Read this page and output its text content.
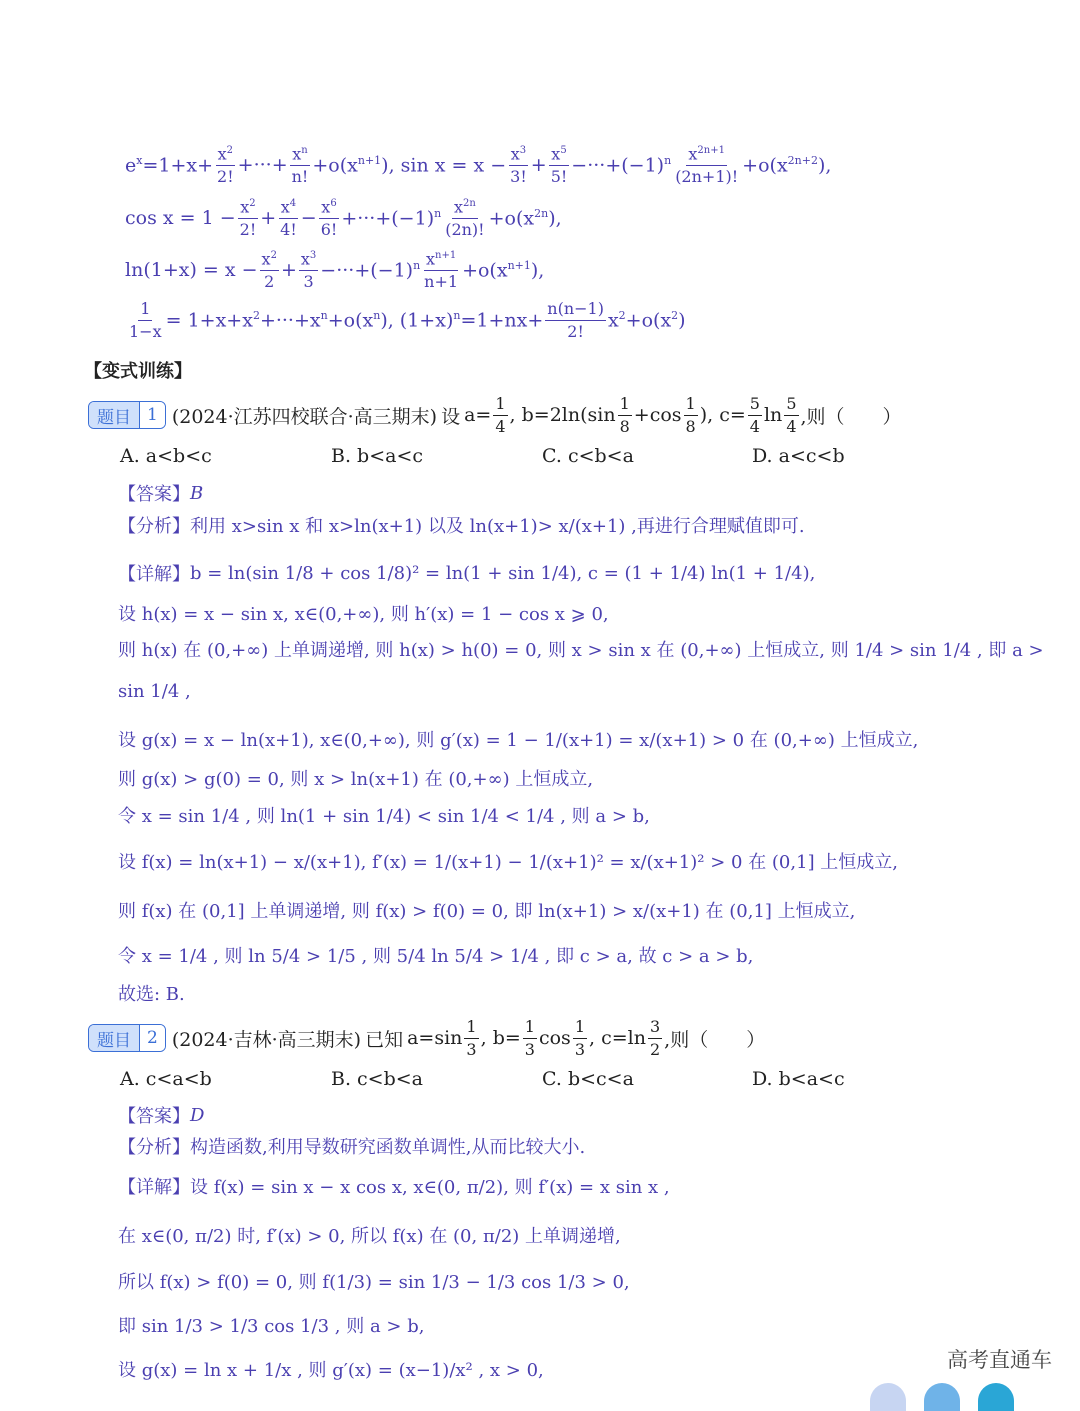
$e^x=1+x+ \frac{x^2}{2!}$ +···+ $\frac{x^n}{n!} +o(x^{n+1})$, $\sin x = x - \frac{x^3}{3!} + \frac{x^5}{5!} -\cdot\cdot\cdot+(-1)^n \frac{x^{2n+1}}{(2n+1)!} +o(x^{2n+2})$,
$\cos x = 1 - \frac{x^2}{2!} + \frac{x^4}{4!} - \frac{x^6}{6!} +\cdot\cdot\cdot+(-1)^n \frac{x^{2n}}{(2n)!} +o(x^{2n})$,
$\ln(1+x) = x - \frac{x^2}{2} + \frac{x^3}{3} -\cdot\cdot\cdot+(-1)^n \frac{x^{n+1}}{n+1} +o(x^{n+1})$,
$\frac{1}{1-x} = 1+x+x^2+\cdot\cdot\cdot+x^n+o(x^n)$, $(1+x)^n=1+nx+ \frac{n(n-1)}{2!} x^2+o(x^2)$
【变式训练】
题目 1 (2024·江苏四校联合·高三期末) 设 $a= \frac{1}{4}$ , $b=2\ln(\sin \frac{1}{8} +\cos \frac{1}{8}$ ), $c= \frac{5}{4}$ $\ln \frac{5}{4}$ ,则（　　）
A. a<b<c	B. b<a<c	C. c<b<a	D. a<c<b
【答案】 B
【分析】 利用 x>sin x 和 x>ln(x+1) 以及 ln(x+1)> x/(x+1) ,再进行合理赋值即可.
【详解】 b = ln(sin 1/8 + cos 1/8)² = ln(1 + sin 1/4), c = (1 + 1/4) ln(1 + 1/4),
设 h(x) = x − sin x, x∈(0,+∞), 则 h′(x) = 1 − cos x ⩾ 0,
则 h(x) 在 (0,+∞) 上单调递增, 则 h(x) > h(0) = 0, 则 x > sin x 在 (0,+∞) 上恒成立, 则 1/4 > sin 1/4 , 即 a >
sin 1/4 ,
设 g(x) = x − ln(x+1), x∈(0,+∞), 则 g′(x) = 1 − 1/(x+1) = x/(x+1) > 0 在 (0,+∞) 上恒成立,
则 g(x) > g(0) = 0, 则 x > ln(x+1) 在 (0,+∞) 上恒成立,
令 x = sin 1/4 , 则 ln(1 + sin 1/4) < sin 1/4 < 1/4 , 则 a > b,
设 f(x) = ln(x+1) − x/(x+1), f′(x) = 1/(x+1) − 1/(x+1)² = x/(x+1)² > 0 在 (0,1] 上恒成立,
则 f(x) 在 (0,1] 上单调递增, 则 f(x) > f(0) = 0, 即 ln(x+1) > x/(x+1) 在 (0,1] 上恒成立,
令 x = 1/4 , 则 ln 5/4 > 1/5 , 则 5/4 ln 5/4 > 1/4 , 即 c > a, 故 c > a > b,
故选: B.
题目 2 (2024·吉林·高三期末) 已知 $a=\sin \frac{1}{3}$ , $b= \frac{1}{3}$ $\cos \frac{1}{3}$ , $c=\ln \frac{3}{2}$ ,则（　　）
A. c<a<b	B. c<b<a	C. b<c<a	D. b<a<c
【答案】 D
【分析】 构造函数,利用导数研究函数单调性,从而比较大小.
【详解】 设 f(x) = sin x − x cos x, x∈(0, π/2), 则 f′(x) = x sin x ,
在 x∈(0, π/2) 时, f′(x) > 0, 所以 f(x) 在 (0, π/2) 上单调递增,
所以 f(x) > f(0) = 0, 则 f(1/3) = sin 1/3 − 1/3 cos 1/3 > 0,
即 sin 1/3 > 1/3 cos 1/3 , 则 a > b,
设 g(x) = ln x + 1/x , 则 g′(x) = (x−1)/x² , x > 0,	高考直通车
